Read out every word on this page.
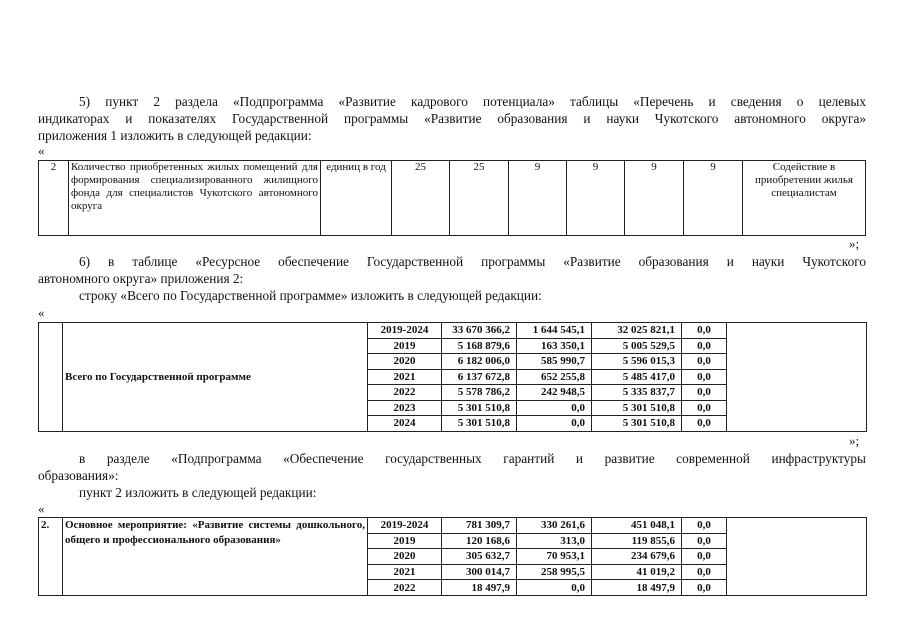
5) пункт 2 раздела «Подпрограмма «Развитие кадрового потенциала» таблицы «Перечень и сведения о целевых
индикаторах и показателях Государственной программы «Развитие образования и науки Чукотского автономного округа»
приложения 1 изложить в следующей редакции:
«
2	Количество приобретенных жилых помещений для формирования специализированного жилищного фонда для специалистов Чукотского автономного округа	единиц в год	25	25	9	9	9	9	Содействие в приобретении жилья специалистам
»;
6) в таблице «Ресурсное обеспечение Государственной программы «Развитие образования и науки Чукотского
автономного округа» приложения 2:
строку «Всего по Государственной программе» изложить в следующей редакции:
«
	Всего по Государственной программе	2019-2024	33 670 366,2	1 644 545,1	32 025 821,1	0,0	
		2019	5 168 879,6	163 350,1	5 005 529,5	0,0	
		2020	6 182 006,0	585 990,7	5 596 015,3	0,0	
		2021	6 137 672,8	652 255,8	5 485 417,0	0,0	
		2022	5 578 786,2	242 948,5	5 335 837,7	0,0	
		2023	5 301 510,8	0,0	5 301 510,8	0,0	
		2024	5 301 510,8	0,0	5 301 510,8	0,0	
»;
в разделе «Подпрограмма «Обеспечение государственных гарантий и развитие современной инфраструктуры
образования»:
пункт 2 изложить в следующей редакции:
«
2.	Основное мероприятие: «Развитие системы дошкольного, общего и профессионального образования»	2019-2024	781 309,7	330 261,6	451 048,1	0,0	
		2019	120 168,6	313,0	119 855,6	0,0	
		2020	305 632,7	70 953,1	234 679,6	0,0	
		2021	300 014,7	258 995,5	41 019,2	0,0	
		2022	18 497,9	0,0	18 497,9	0,0	
